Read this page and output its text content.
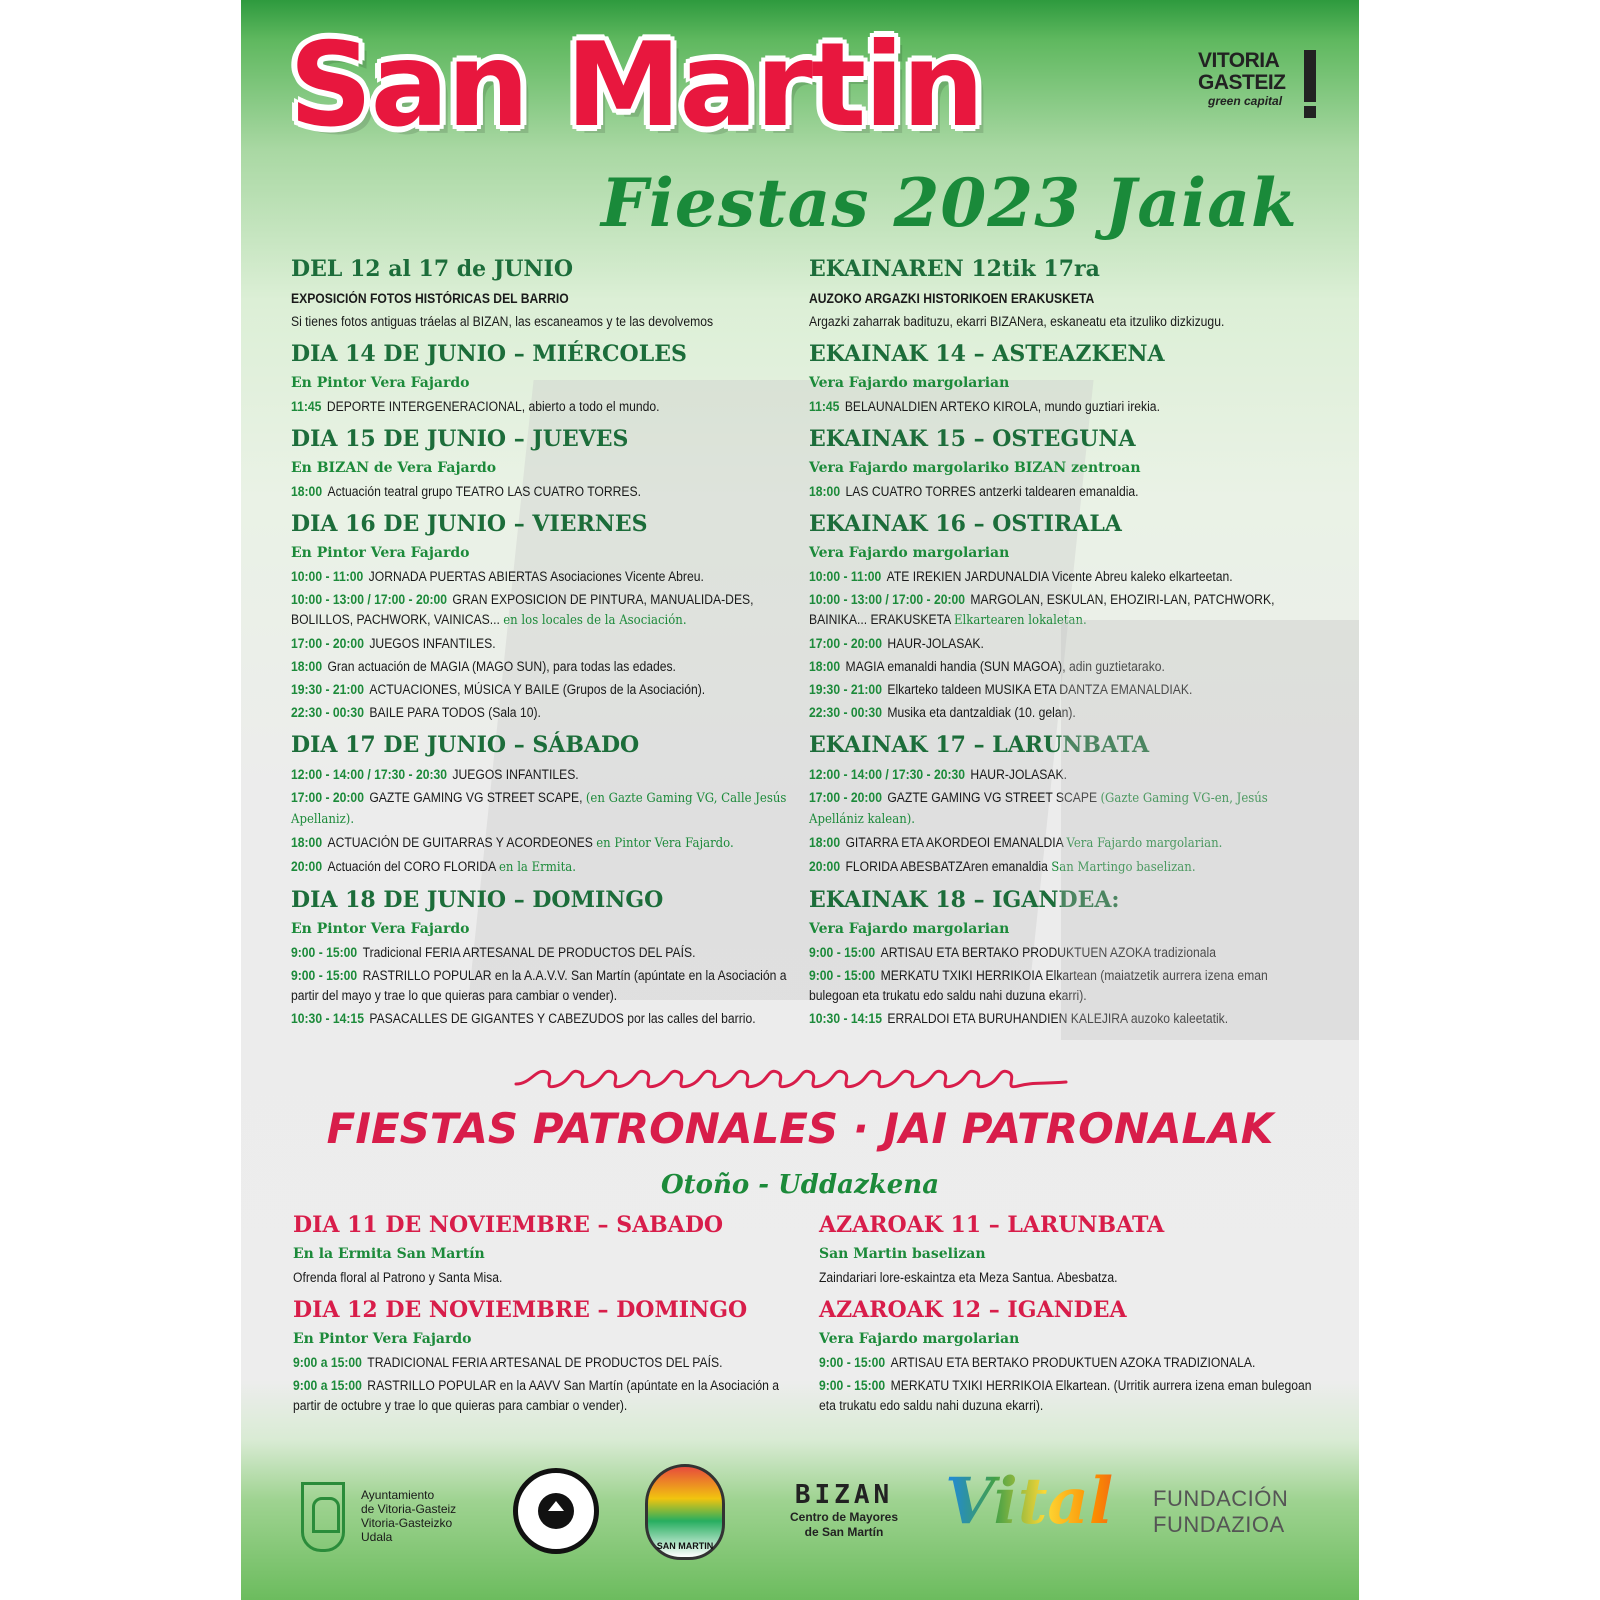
San Martin
Fiestas 2023 Jaiak
VITORIA
GASTEIZ
green capital
DEL 12 al 17 de JUNIO
EXPOSICIÓN FOTOS HISTÓRICAS DEL BARRIO
Si tienes fotos antiguas tráelas al BIZAN, las escaneamos y te las devolvemos
DIA 14 DE JUNIO – MIÉRCOLES
En Pintor Vera Fajardo
11:45 DEPORTE INTERGENERACIONAL, abierto a todo el mundo.
DIA 15 DE JUNIO – JUEVES
En BIZAN de Vera Fajardo
18:00 Actuación teatral grupo TEATRO LAS CUATRO TORRES.
DIA 16 DE JUNIO – VIERNES
En Pintor Vera Fajardo
10:00 - 11:00 JORNADA PUERTAS ABIERTAS Asociaciones Vicente Abreu.
10:00 - 13:00 / 17:00 - 20:00 GRAN EXPOSICION DE PINTURA, MANUALIDA-DES, BOLILLOS, PACHWORK, VAINICAS... en los locales de la Asociación.
17:00 - 20:00 JUEGOS INFANTILES.
18:00 Gran actuación de MAGIA (MAGO SUN), para todas las edades.
19:30 - 21:00 ACTUACIONES, MÚSICA Y BAILE (Grupos de la Asociación).
22:30 - 00:30 BAILE PARA TODOS (Sala 10).
DIA 17 DE JUNIO – SÁBADO
12:00 - 14:00 / 17:30 - 20:30 JUEGOS INFANTILES.
17:00 - 20:00 GAZTE GAMING VG STREET SCAPE, (en Gazte Gaming VG, Calle Jesús Apellaniz).
18:00 ACTUACIÓN DE GUITARRAS Y ACORDEONES en Pintor Vera Fajardo.
20:00 Actuación del CORO FLORIDA en la Ermita.
DIA 18 DE JUNIO – DOMINGO
En Pintor Vera Fajardo
9:00 - 15:00 Tradicional FERIA ARTESANAL DE PRODUCTOS DEL PAÍS.
9:00 - 15:00 RASTRILLO POPULAR en la A.A.V.V. San Martín (apúntate en la Asociación a partir del mayo y trae lo que quieras para cambiar o vender).
10:30 - 14:15 PASACALLES DE GIGANTES Y CABEZUDOS por las calles del barrio.
EKAINAREN 12tik 17ra
AUZOKO ARGAZKI HISTORIKOEN ERAKUSKETA
Argazki zaharrak badituzu, ekarri BIZANera, eskaneatu eta itzuliko dizkizugu.
EKAINAK 14 – ASTEAZKENA
Vera Fajardo margolarian
11:45 BELAUNALDIEN ARTEKO KIROLA, mundo guztiari irekia.
EKAINAK 15 – OSTEGUNA
Vera Fajardo margolariko BIZAN zentroan
18:00 LAS CUATRO TORRES antzerki taldearen emanaldia.
EKAINAK 16 – OSTIRALA
Vera Fajardo margolarian
10:00 - 11:00 ATE IREKIEN JARDUNALDIA Vicente Abreu kaleko elkarteetan.
10:00 - 13:00 / 17:00 - 20:00 MARGOLAN, ESKULAN, EHOZIRI-LAN, PATCHWORK, BAINIKA... ERAKUSKETA Elkartearen lokaletan.
17:00 - 20:00 HAUR-JOLASAK.
18:00 MAGIA emanaldi handia (SUN MAGOA), adin guztietarako.
19:30 - 21:00 Elkarteko taldeen MUSIKA ETA DANTZA EMANALDIAK.
22:30 - 00:30 Musika eta dantzaldiak (10. gelan).
EKAINAK 17 – LARUNBATA
12:00 - 14:00 / 17:30 - 20:30 HAUR-JOLASAK.
17:00 - 20:00 GAZTE GAMING VG STREET SCAPE (Gazte Gaming VG-en, Jesús Apellániz kalean).
18:00 GITARRA ETA AKORDEOI EMANALDIA Vera Fajardo margolarian.
20:00 FLORIDA ABESBATZAren emanaldia San Martingo baselizan.
EKAINAK 18 – IGANDEA:
Vera Fajardo margolarian
9:00 - 15:00 ARTISAU ETA BERTAKO PRODUKTUEN AZOKA tradizionala
9:00 - 15:00 MERKATU TXIKI HERRIKOIA Elkartean (maiatzetik aurrera izena eman bulegoan eta trukatu edo saldu nahi duzuna ekarri).
10:30 - 14:15 ERRALDOI ETA BURUHANDIEN KALEJIRA auzoko kaleetatik.
FIESTAS PATRONALES · JAI PATRONALAK
Otoño - Uddazkena
DIA 11 DE NOVIEMBRE – SABADO
En la Ermita San Martín
Ofrenda floral al Patrono y Santa Misa.
DIA 12 DE NOVIEMBRE – DOMINGO
En Pintor Vera Fajardo
9:00 a 15:00 TRADICIONAL FERIA ARTESANAL DE PRODUCTOS DEL PAÍS.
9:00 a 15:00 RASTRILLO POPULAR en la AAVV San Martín (apúntate en la Asociación a partir de octubre y trae lo que quieras para cambiar o vender).
AZAROAK 11 – LARUNBATA
San Martin baselizan
Zaindariari lore-eskaintza eta Meza Santua. Abesbatza.
AZAROAK 12 – IGANDEA
Vera Fajardo margolarian
9:00 - 15:00 ARTISAU ETA BERTAKO PRODUKTUEN AZOKA TRADIZIONALA.
9:00 - 15:00 MERKATU TXIKI HERRIKOIA Elkartean. (Urritik aurrera izena eman bulegoan eta trukatu edo saldu nahi duzuna ekarri).
Ayuntamiento
de Vitoria-Gasteiz
Vitoria-Gasteizko
Udala
SAN MARTIN
BIZAN
Centro de Mayores
de San Martín Vital	FUNDACIÓN
FUNDAZIOA
